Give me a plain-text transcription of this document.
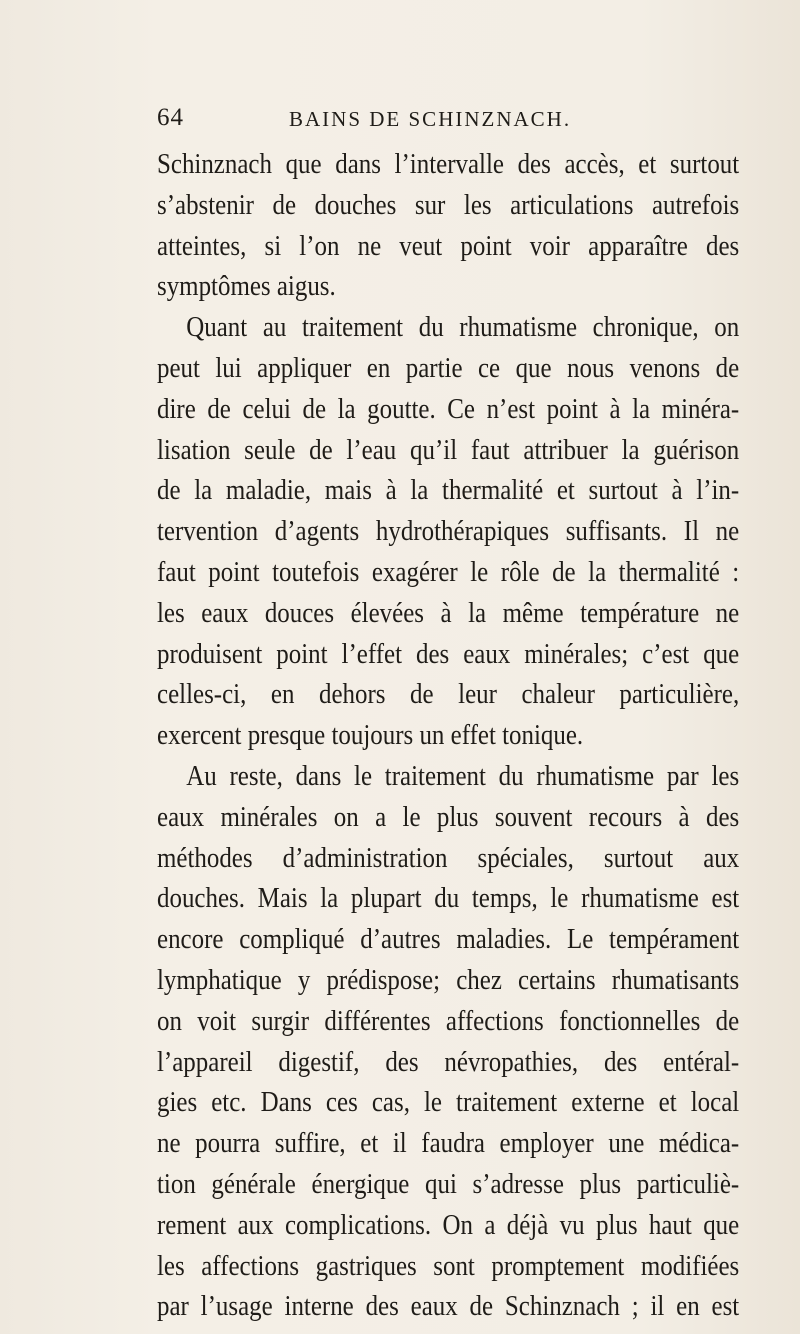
64	BAINS DE SCHINZNACH.
Schinznach que dans l’intervalle des accès, et surtout
s’abstenir de douches sur les articulations autrefois
atteintes, si l’on ne veut point voir apparaître des
symptômes aigus.
Quant au traitement du rhumatisme chronique, on
peut lui appliquer en partie ce que nous venons de
dire de celui de la goutte. Ce n’est point à la minéra-
lisation seule de l’eau qu’il faut attribuer la guérison
de la maladie, mais à la thermalité et surtout à l’in-
tervention d’agents hydrothérapiques suffisants. Il ne
faut point toutefois exagérer le rôle de la thermalité :
les eaux douces élevées à la même température ne
produisent point l’effet des eaux minérales; c’est que
celles-ci, en dehors de leur chaleur particulière,
exercent presque toujours un effet tonique.
Au reste, dans le traitement du rhumatisme par les
eaux minérales on a le plus souvent recours à des
méthodes d’administration spéciales, surtout aux
douches. Mais la plupart du temps, le rhumatisme est
encore compliqué d’autres maladies. Le tempérament
lymphatique y prédispose; chez certains rhumatisants
on voit surgir différentes affections fonctionnelles de
l’appareil digestif, des névropathies, des entéral-
gies etc. Dans ces cas, le traitement externe et local
ne pourra suffire, et il faudra employer une médica-
tion générale énergique qui s’adresse plus particuliè-
rement aux complications. On a déjà vu plus haut que
les affections gastriques sont promptement modifiées
par l’usage interne des eaux de Schinznach ; il en est
